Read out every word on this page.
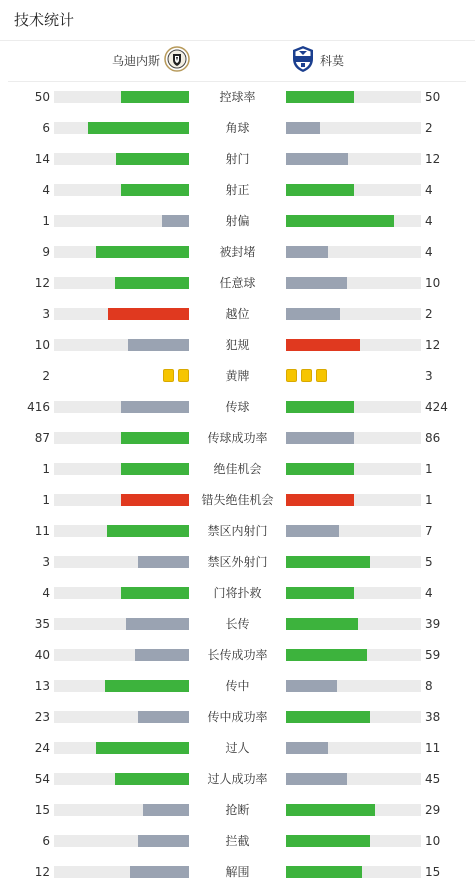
技术统计
乌迪内斯	科莫
50	控球率	50
6	角球	2
14	射门	12
4	射正	4
1	射偏	4
9	被封堵	4
12	任意球	10
3	越位	2
10	犯规	12
2	黄牌	3
416	传球	424
87	传球成功率	86
1	绝佳机会	1
1	错失绝佳机会	1
11	禁区内射门	7
3	禁区外射门	5
4	门将扑救	4
35	长传	39
40	长传成功率	59
13	传中	8
23	传中成功率	38
24	过人	11
54	过人成功率	45
15	抢断	29
6	拦截	10
12	解围	15
